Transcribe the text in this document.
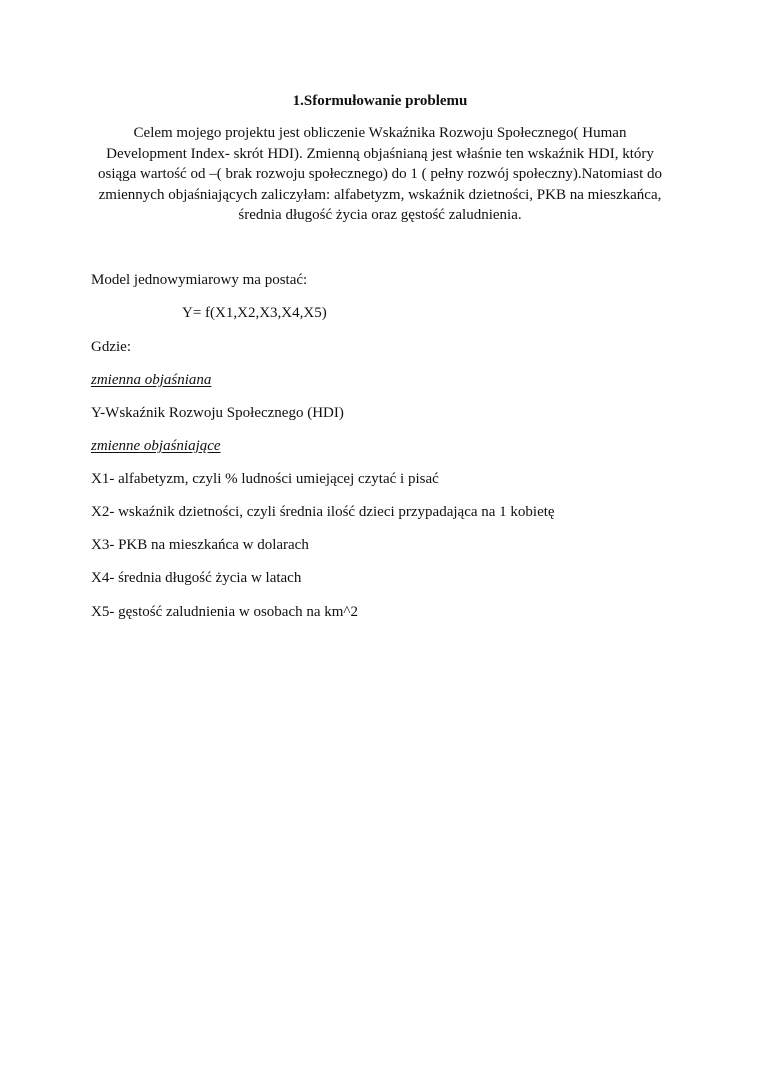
1.Sformułowanie problemu
Celem mojego projektu jest obliczenie Wskaźnika Rozwoju Społecznego( Human
Development Index- skrót HDI). Zmienną objaśnianą jest właśnie ten wskaźnik HDI, który
osiąga wartość od –( brak rozwoju społecznego) do 1 ( pełny rozwój społeczny).Natomiast do
zmiennych objaśniających zaliczyłam: alfabetyzm, wskaźnik dzietności, PKB na mieszkańca,
średnia długość życia oraz gęstość zaludnienia.
Model jednowymiarowy ma postać:
Y= f(X1,X2,X3,X4,X5)
Gdzie:
zmienna objaśniana
Y-Wskaźnik Rozwoju Społecznego (HDI)
zmienne objaśniające
X1- alfabetyzm, czyli % ludności umiejącej czytać i pisać
X2- wskaźnik dzietności, czyli średnia ilość dzieci przypadająca na 1 kobietę
X3- PKB na mieszkańca w dolarach
X4- średnia długość życia w latach
X5- gęstość zaludnienia w osobach na km^2
